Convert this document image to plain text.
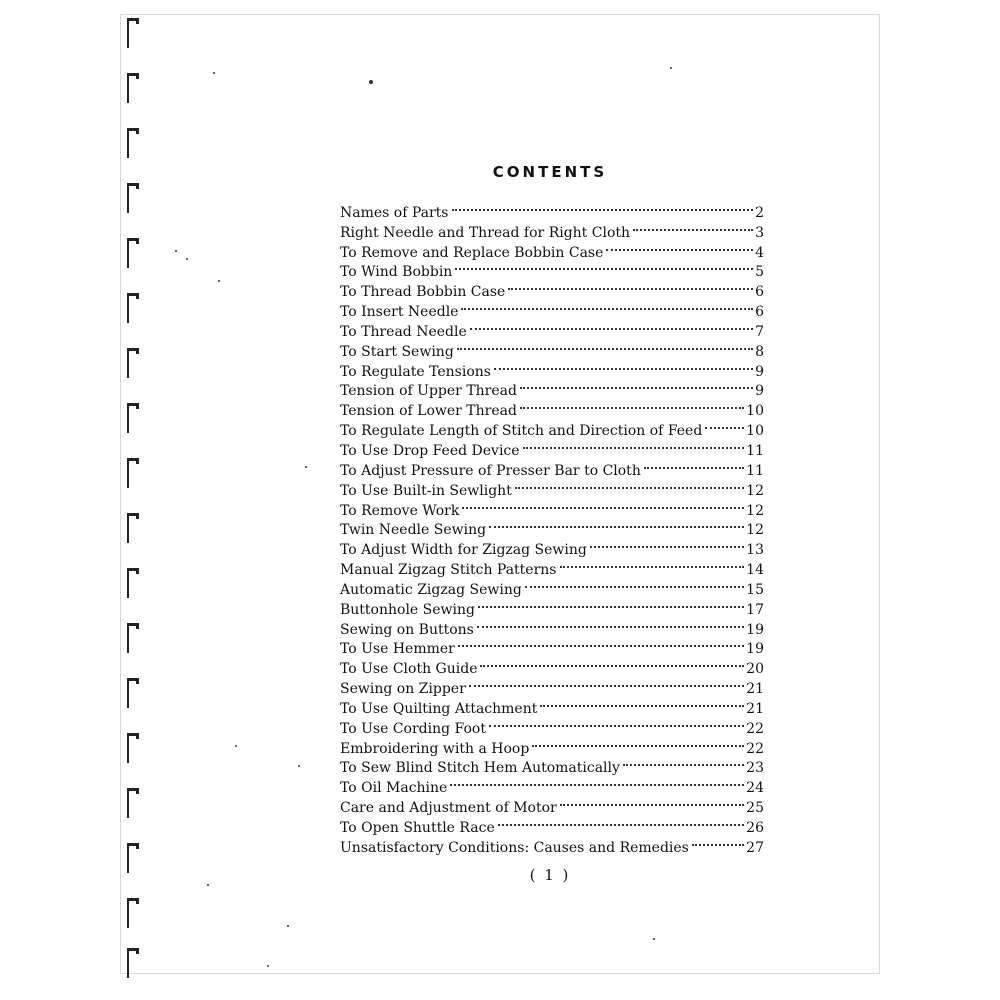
CONTENTS
Names of Parts	2
Right Needle and Thread for Right Cloth	3
To Remove and Replace Bobbin Case	4
To Wind Bobbin	5
To Thread Bobbin Case	6
To Insert Needle	6
To Thread Needle	7
To Start Sewing	8
To Regulate Tensions	9
Tension of Upper Thread	9
Tension of Lower Thread	10
To Regulate Length of Stitch and Direction of Feed	10
To Use Drop Feed Device	11
To Adjust Pressure of Presser Bar to Cloth	11
To Use Built-in Sewlight	12
To Remove Work	12
Twin Needle Sewing	12
To Adjust Width for Zigzag Sewing	13
Manual Zigzag Stitch Patterns	14
Automatic Zigzag Sewing	15
Buttonhole Sewing	17
Sewing on Buttons	19
To Use Hemmer	19
To Use Cloth Guide	20
Sewing on Zipper	21
To Use Quilting Attachment	21
To Use Cording Foot	22
Embroidering with a Hoop	22
To Sew Blind Stitch Hem Automatically	23
To Oil Machine	24
Care and Adjustment of Motor	25
To Open Shuttle Race	26
Unsatisfactory Conditions: Causes and Remedies	27
( 1 )
